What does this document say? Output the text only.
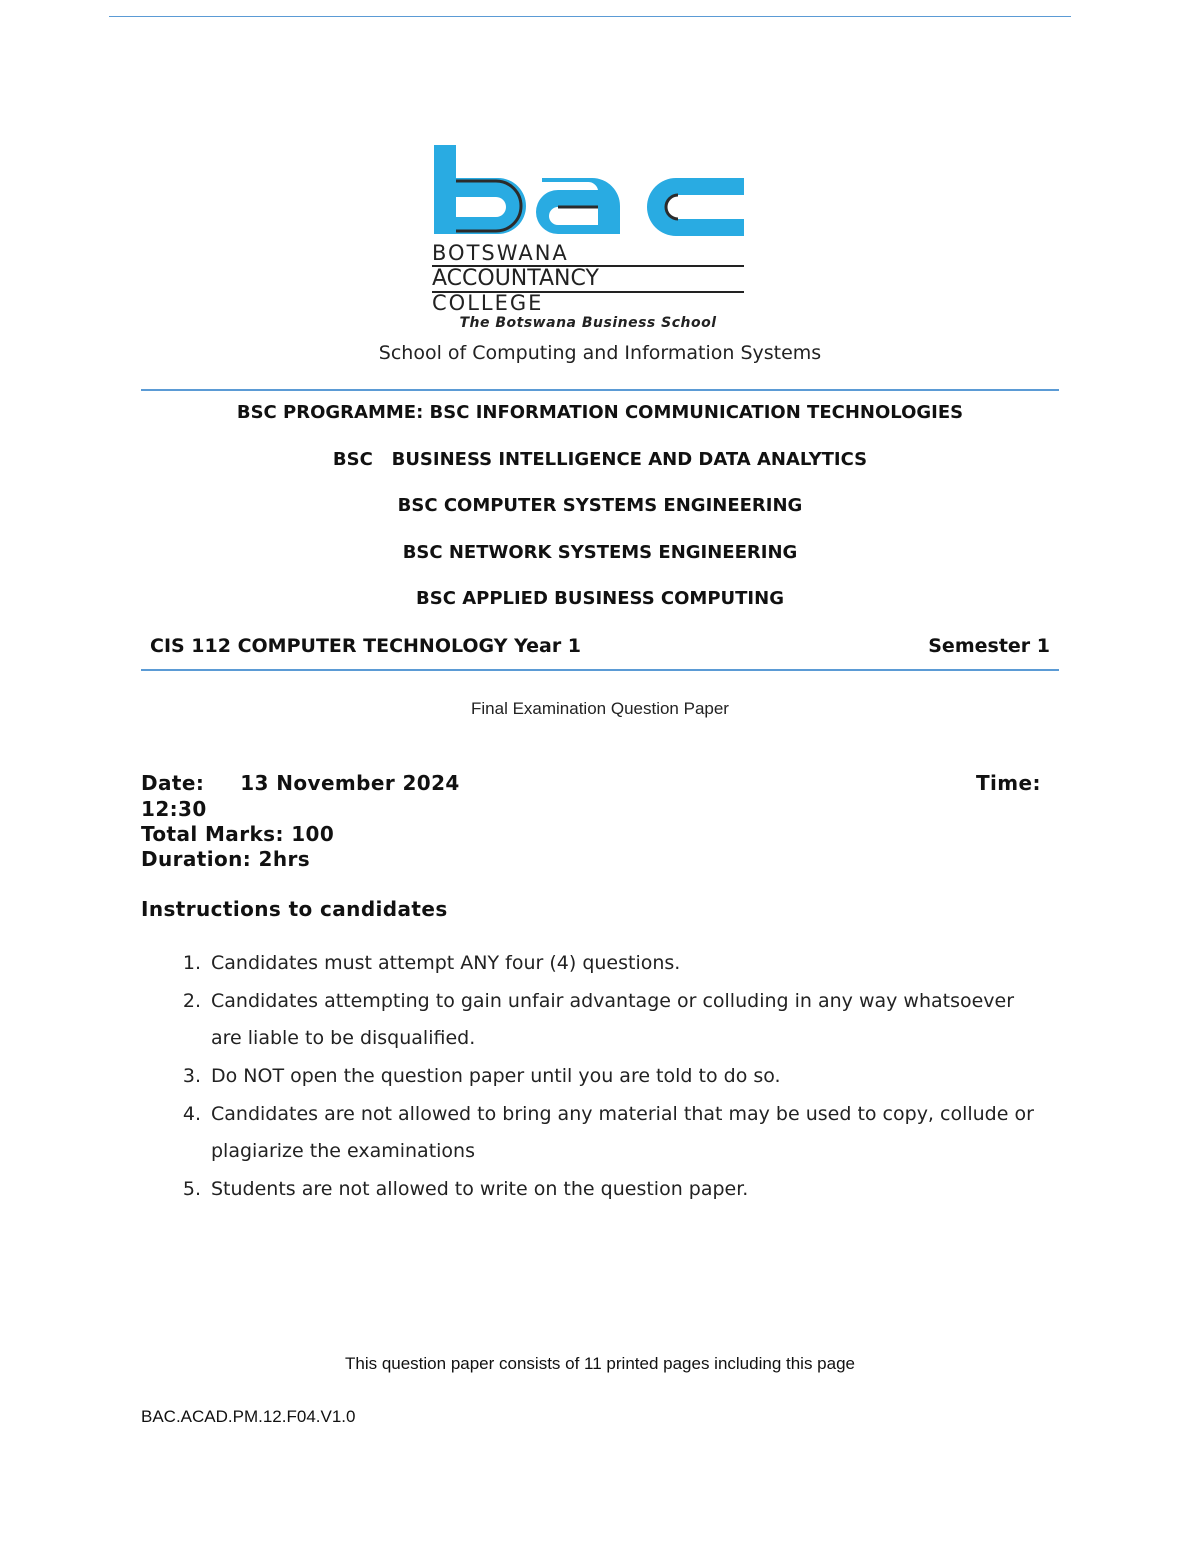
BOTSWANA
ACCOUNTANCY
COLLEGE
The Botswana Business School
School of Computing and Information Systems
BSC PROGRAMME: BSC INFORMATION COMMUNICATION TECHNOLOGIES
BSC   BUSINESS INTELLIGENCE AND DATA ANALYTICS
BSC COMPUTER SYSTEMS ENGINEERING
BSC NETWORK SYSTEMS ENGINEERING
BSC APPLIED BUSINESS COMPUTING
CIS 112 COMPUTER TECHNOLOGY Year 1	Semester 1
Final Examination Question Paper
Date: 13 November 2024	Time:
12:30
Total Marks: 100
Duration: 2hrs
Instructions to candidates
1. Candidates must attempt ANY four (4) questions.
2. Candidates attempting to gain unfair advantage or colluding in any way whatsoever are liable to be disqualified.
3. Do NOT open the question paper until you are told to do so.
4. Candidates are not allowed to bring any material that may be used to copy, collude or plagiarize the examinations
5. Students are not allowed to write on the question paper.
This question paper consists of 11 printed pages including this page
BAC.ACAD.PM.12.F04.V1.0
